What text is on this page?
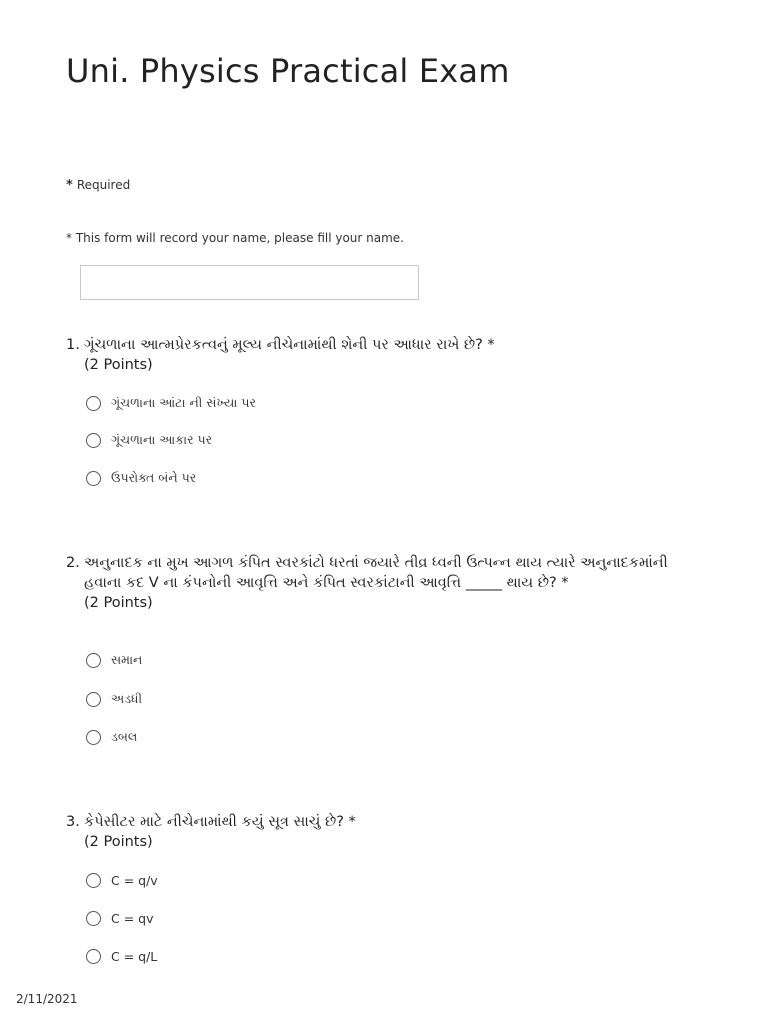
Uni. Physics Practical Exam
* Required
* This form will record your name, please fill your name.
1. ગૂંચળાના આત્મપ્રેરકત્વનું મૂલ્ય નીચેનામાંથી શેની પર આધાર રાખે છે? *
(2 Points)
ગૂંચળાના આંટા ની સંખ્યા પર
ગૂંચળાના આકાર પર
ઉપરોક્ત બંને પર
2. અનુનાદક ના મુખ આગળ કંપિત સ્વરકાંટો ધરતાં જયારે તીવ્ર ધ્વની ઉત્પન્ન થાય ત્યારે અનુનાદકમાંની હવાના કદ V ના કંપનોની આવૃત્તિ અને કંપિત સ્વરકાંટાની આવૃત્તિ _____ થાય છે? *
(2 Points)
સમાન
અડધી
ડબલ
3. કેપેસીટર માટે નીચેનામાંથી કયું સૂત્ર સાચું છે? *
(2 Points)
C = q/v
C = qv
C = q/L
2/11/2021
